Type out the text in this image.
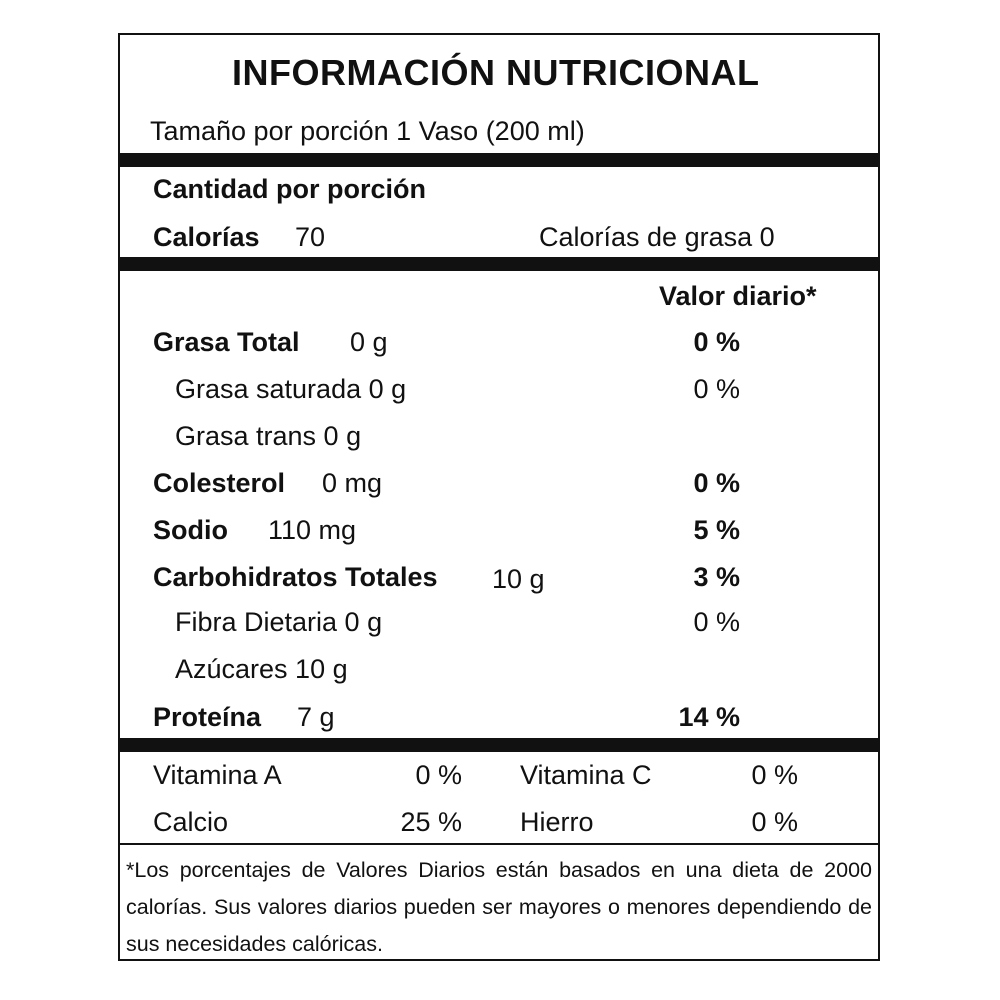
INFORMACIÓN NUTRICIONAL
Tamaño por porción 1 Vaso (200 ml)
Cantidad por porción
Calorías 70	Calorías de grasa 0
Valor diario*
Grasa Total 0 g	0 %
Grasa saturada 0 g	0 %
Grasa trans 0 g
Colesterol 0 mg	0 %
Sodio 110 mg	5 %
Carbohidratos Totales 10 g	3 %
Fibra Dietaria 0 g	0 %
Azúcares 10 g
Proteína 7 g	14 %
Vitamina A	0 % Vitamina C	0 %
Calcio	25 % Hierro	0 %
*Los porcentajes de Valores Diarios están basados en una dieta de 2000 calorías. Sus valores diarios pueden ser mayores o menores dependiendo de sus necesidades calóricas.
